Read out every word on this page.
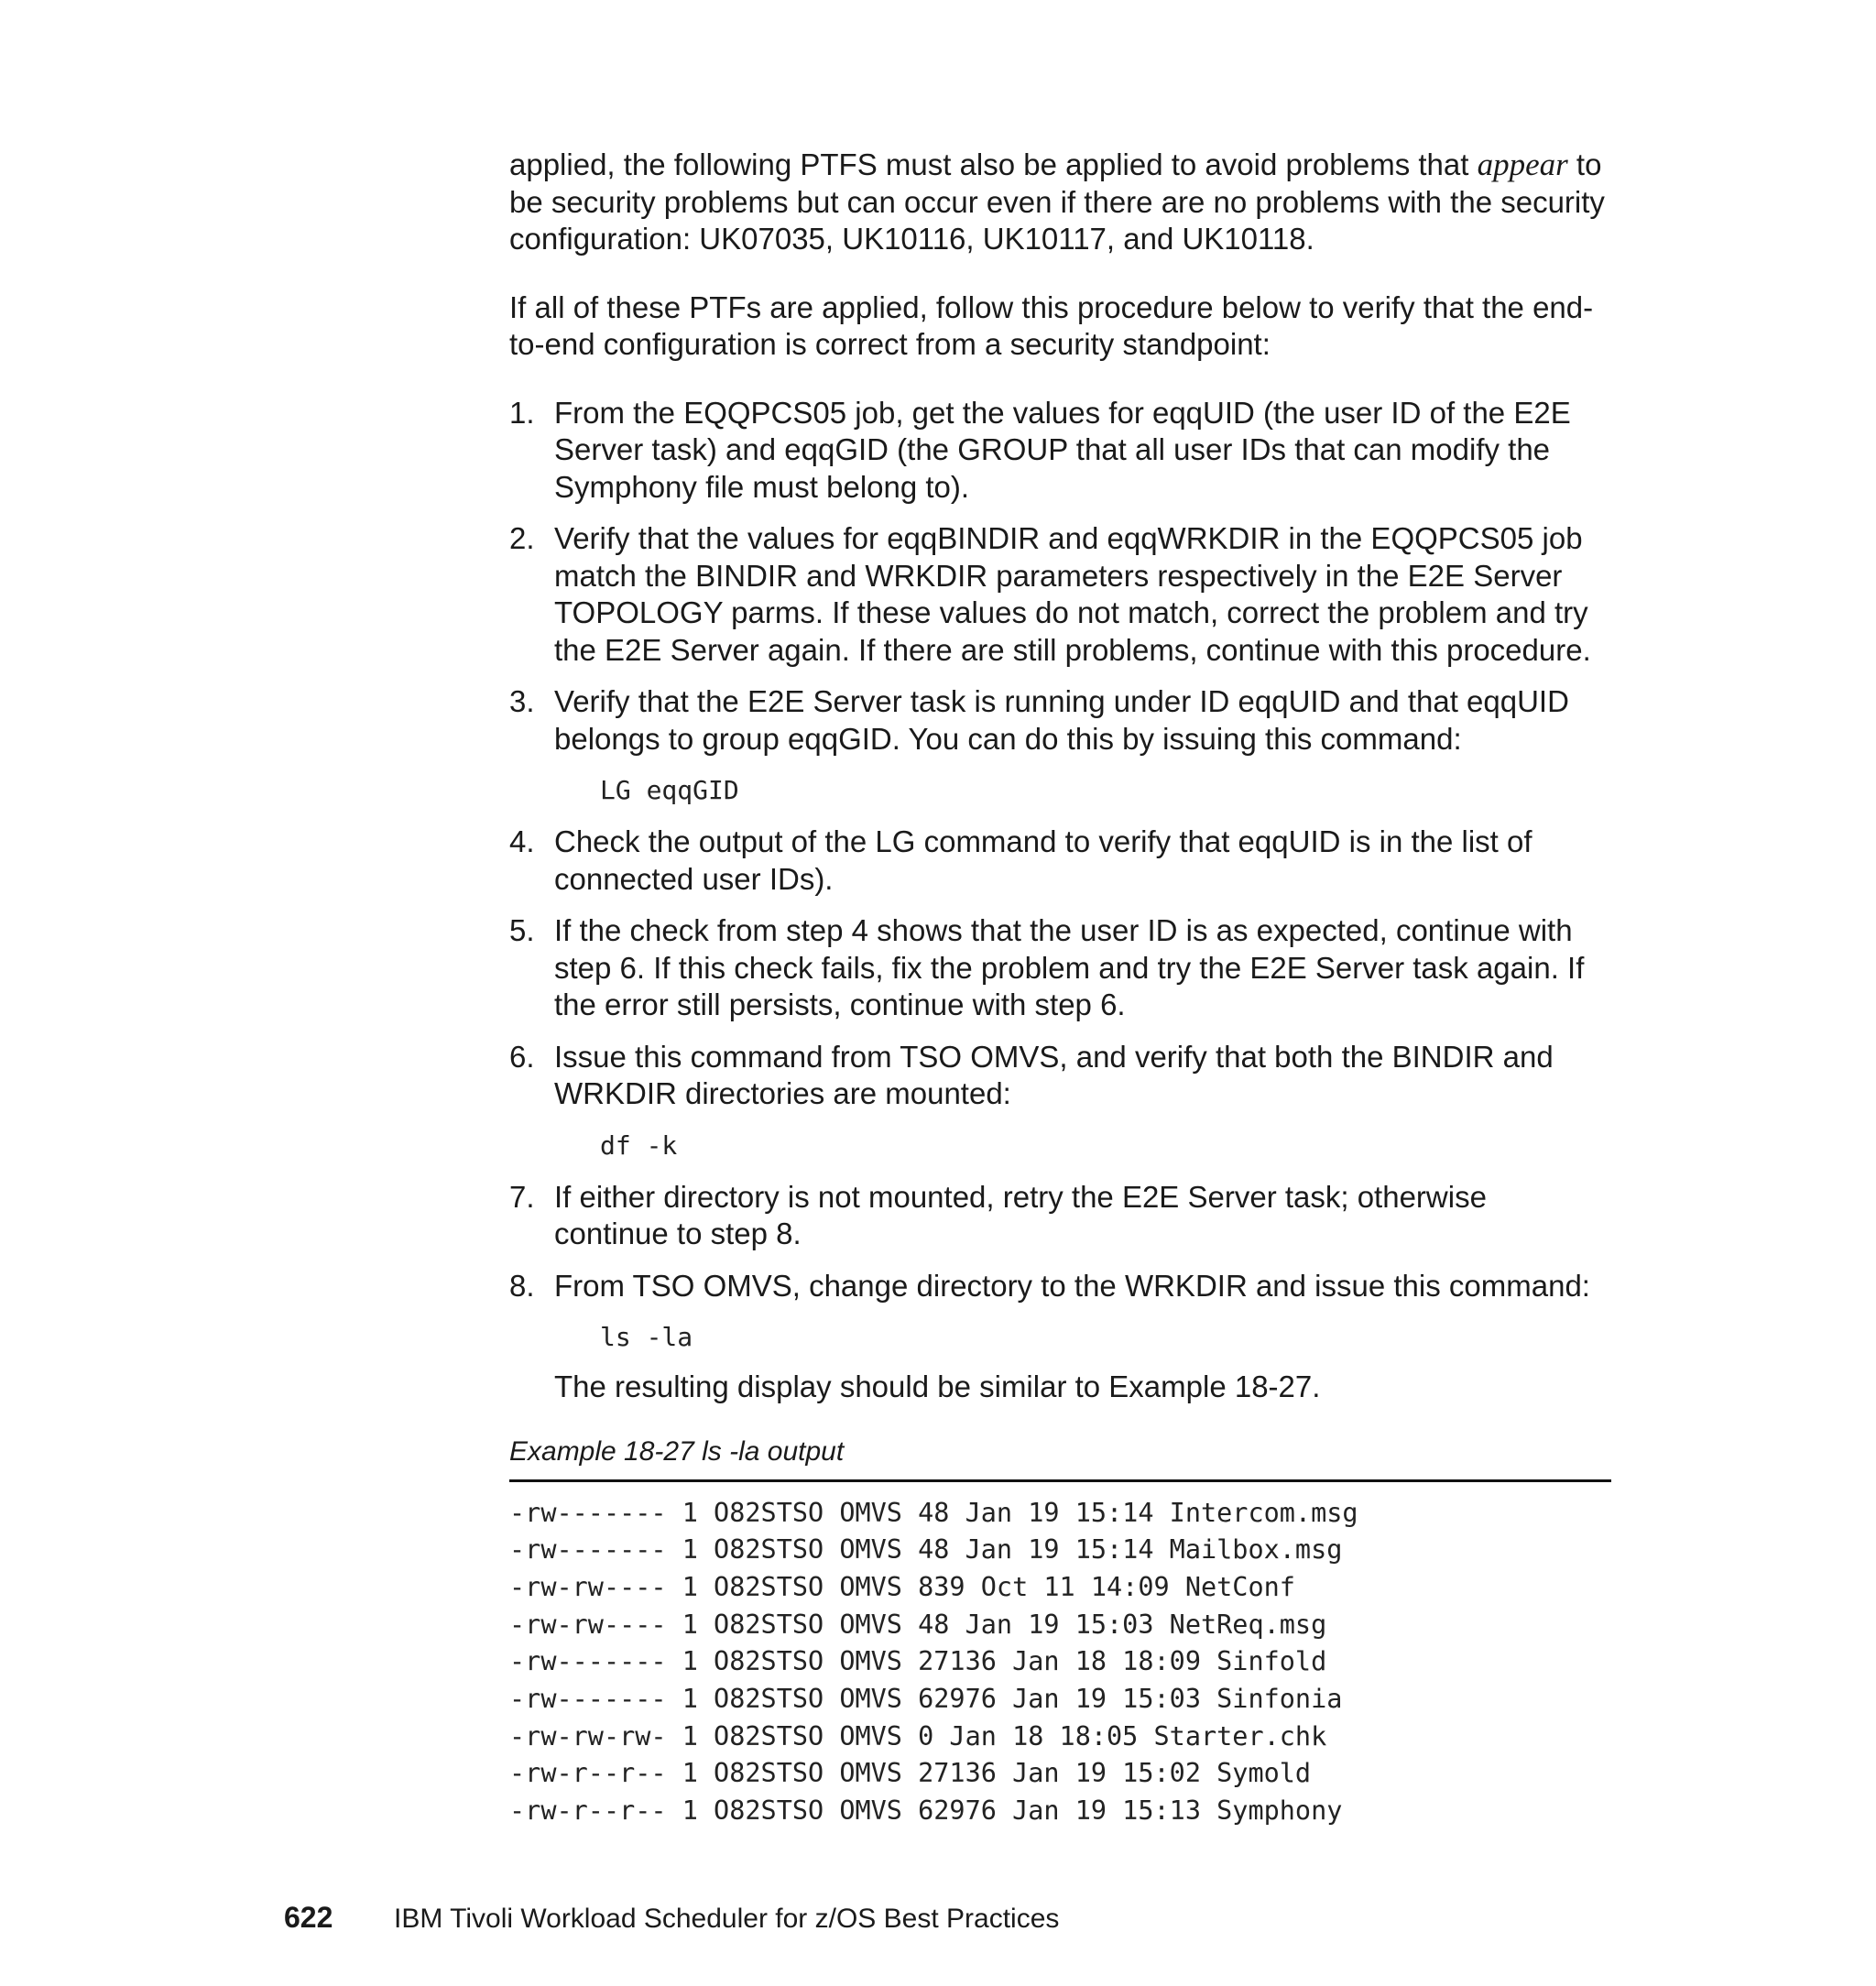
applied, the following PTFS must also be applied to avoid problems that appear to be security problems but can occur even if there are no problems with the security configuration: UK07035, UK10116, UK10117, and UK10118.

If all of these PTFs are applied, follow this procedure below to verify that the end-to-end configuration is correct from a security standpoint:

1. From the EQQPCS05 job, get the values for eqqUID (the user ID of the E2E Server task) and eqqGID (the GROUP that all user IDs that can modify the Symphony file must belong to).
2. Verify that the values for eqqBINDIR and eqqWRKDIR in the EQQPCS05 job match the BINDIR and WRKDIR parameters respectively in the E2E Server TOPOLOGY parms. If these values do not match, correct the problem and try the E2E Server again. If there are still problems, continue with this procedure.
3. Verify that the E2E Server task is running under ID eqqUID and that eqqUID belongs to group eqqGID. You can do this by issuing this command:
LG eqqGID
4. Check the output of the LG command to verify that eqqUID is in the list of connected user IDs).
5. If the check from step 4 shows that the user ID is as expected, continue with step 6. If this check fails, fix the problem and try the E2E Server task again. If the error still persists, continue with step 6.
6. Issue this command from TSO OMVS, and verify that both the BINDIR and WRKDIR directories are mounted:
df -k
7. If either directory is not mounted, retry the E2E Server task; otherwise continue to step 8.
8. From TSO OMVS, change directory to the WRKDIR and issue this command:
ls -la
The resulting display should be similar to Example 18-27.
Example 18-27 ls -la output
-rw------- 1 O82STSO OMVS 48 Jan 19 15:14 Intercom.msg
-rw------- 1 O82STSO OMVS 48 Jan 19 15:14 Mailbox.msg
-rw-rw---- 1 O82STSO OMVS 839 Oct 11 14:09 NetConf
-rw-rw---- 1 O82STSO OMVS 48 Jan 19 15:03 NetReq.msg
-rw------- 1 O82STSO OMVS 27136 Jan 18 18:09 Sinfold
-rw------- 1 O82STSO OMVS 62976 Jan 19 15:03 Sinfonia
-rw-rw-rw- 1 O82STSO OMVS 0 Jan 18 18:05 Starter.chk
-rw-r--r-- 1 O82STSO OMVS 27136 Jan 19 15:02 Symold
-rw-r--r-- 1 O82STSO OMVS 62976 Jan 19 15:13 Symphony
622 IBM Tivoli Workload Scheduler for z/OS Best Practices
